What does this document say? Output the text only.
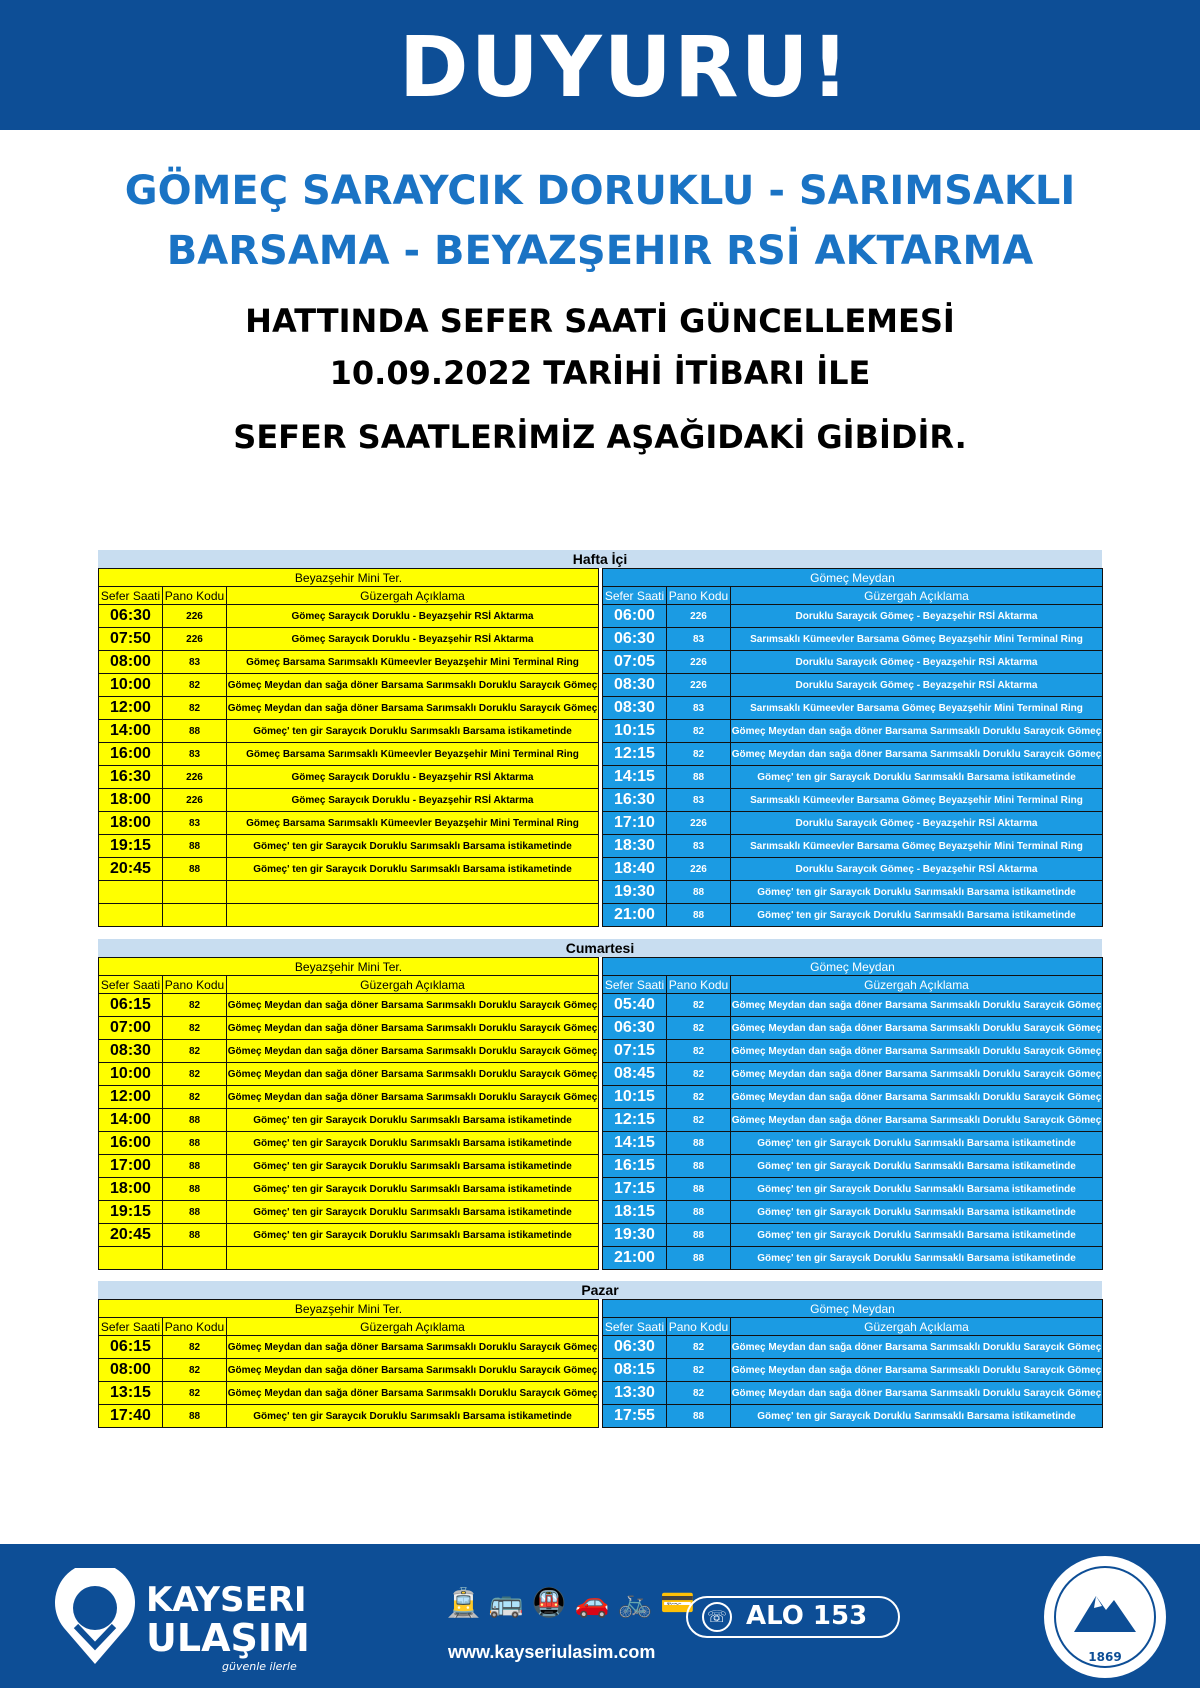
DUYURU!
GÖMEÇ SARAYCIK DORUKLU - SARIMSAKLI
BARSAMA - BEYAZŞEHIR RSİ AKTARMA
HATTINDA SEFER SAATİ GÜNCELLEMESİ
10.09.2022 TARİHİ İTİBARI İLE
SEFER SAATLERİMİZ AŞAĞIDAKİ GİBİDİR.
Hafta İçi
Beyazşehir Mini Ter.		
Sefer Saati	Pano Kodu	Güzergah Açıklama
06:30	226	Gömeç Saraycık Doruklu - Beyazşehir RSİ Aktarma
07:50	226	Gömeç Saraycık Doruklu - Beyazşehir RSİ Aktarma
08:00	83	Gömeç Barsama Sarımsaklı Kümeevler Beyazşehir Mini Terminal Ring
10:00	82	Gömeç Meydan dan sağa döner Barsama Sarımsaklı Doruklu Saraycık Gömeç
12:00	82	Gömeç Meydan dan sağa döner Barsama Sarımsaklı Doruklu Saraycık Gömeç
14:00	88	Gömeç' ten gir Saraycık Doruklu Sarımsaklı Barsama istikametinde
16:00	83	Gömeç Barsama Sarımsaklı Kümeevler Beyazşehir Mini Terminal Ring
16:30	226	Gömeç Saraycık Doruklu - Beyazşehir RSİ Aktarma
18:00	226	Gömeç Saraycık Doruklu - Beyazşehir RSİ Aktarma
18:00	83	Gömeç Barsama Sarımsaklı Kümeevler Beyazşehir Mini Terminal Ring
19:15	88	Gömeç' ten gir Saraycık Doruklu Sarımsaklı Barsama istikametinde
20:45	88	Gömeç' ten gir Saraycık Doruklu Sarımsaklı Barsama istikametinde

Gömeç Meydan		
Sefer Saati	Pano Kodu	Güzergah Açıklama
06:00	226	Doruklu Saraycık Gömeç - Beyazşehir RSİ Aktarma
06:30	83	Sarımsaklı Kümeevler Barsama Gömeç Beyazşehir Mini Terminal Ring
07:05	226	Doruklu Saraycık Gömeç - Beyazşehir RSİ Aktarma
08:30	226	Doruklu Saraycık Gömeç - Beyazşehir RSİ Aktarma
08:30	83	Sarımsaklı Kümeevler Barsama Gömeç Beyazşehir Mini Terminal Ring
10:15	82	Gömeç Meydan dan sağa döner Barsama Sarımsaklı Doruklu Saraycık Gömeç
12:15	82	Gömeç Meydan dan sağa döner Barsama Sarımsaklı Doruklu Saraycık Gömeç
14:15	88	Gömeç' ten gir Saraycık Doruklu Sarımsaklı Barsama istikametinde
16:30	83	Sarımsaklı Kümeevler Barsama Gömeç Beyazşehir Mini Terminal Ring
17:10	226	Doruklu Saraycık Gömeç - Beyazşehir RSİ Aktarma
18:30	83	Sarımsaklı Kümeevler Barsama Gömeç Beyazşehir Mini Terminal Ring
18:40	226	Doruklu Saraycık Gömeç - Beyazşehir RSİ Aktarma
19:30	88	Gömeç' ten gir Saraycık Doruklu Sarımsaklı Barsama istikametinde
21:00	88	Gömeç' ten gir Saraycık Doruklu Sarımsaklı Barsama istikametinde
Cumartesi
Beyazşehir Mini Ter.		
Sefer Saati	Pano Kodu	Güzergah Açıklama
06:15	82	Gömeç Meydan dan sağa döner Barsama Sarımsaklı Doruklu Saraycık Gömeç
07:00	82	Gömeç Meydan dan sağa döner Barsama Sarımsaklı Doruklu Saraycık Gömeç
08:30	82	Gömeç Meydan dan sağa döner Barsama Sarımsaklı Doruklu Saraycık Gömeç
10:00	82	Gömeç Meydan dan sağa döner Barsama Sarımsaklı Doruklu Saraycık Gömeç
12:00	82	Gömeç Meydan dan sağa döner Barsama Sarımsaklı Doruklu Saraycık Gömeç
14:00	88	Gömeç' ten gir Saraycık Doruklu Sarımsaklı Barsama istikametinde
16:00	88	Gömeç' ten gir Saraycık Doruklu Sarımsaklı Barsama istikametinde
17:00	88	Gömeç' ten gir Saraycık Doruklu Sarımsaklı Barsama istikametinde
18:00	88	Gömeç' ten gir Saraycık Doruklu Sarımsaklı Barsama istikametinde
19:15	88	Gömeç' ten gir Saraycık Doruklu Sarımsaklı Barsama istikametinde
20:45	88	Gömeç' ten gir Saraycık Doruklu Sarımsaklı Barsama istikametinde

Gömeç Meydan		
Sefer Saati	Pano Kodu	Güzergah Açıklama
05:40	82	Gömeç Meydan dan sağa döner Barsama Sarımsaklı Doruklu Saraycık Gömeç
06:30	82	Gömeç Meydan dan sağa döner Barsama Sarımsaklı Doruklu Saraycık Gömeç
07:15	82	Gömeç Meydan dan sağa döner Barsama Sarımsaklı Doruklu Saraycık Gömeç
08:45	82	Gömeç Meydan dan sağa döner Barsama Sarımsaklı Doruklu Saraycık Gömeç
10:15	82	Gömeç Meydan dan sağa döner Barsama Sarımsaklı Doruklu Saraycık Gömeç
12:15	82	Gömeç Meydan dan sağa döner Barsama Sarımsaklı Doruklu Saraycık Gömeç
14:15	88	Gömeç' ten gir Saraycık Doruklu Sarımsaklı Barsama istikametinde
16:15	88	Gömeç' ten gir Saraycık Doruklu Sarımsaklı Barsama istikametinde
17:15	88	Gömeç' ten gir Saraycık Doruklu Sarımsaklı Barsama istikametinde
18:15	88	Gömeç' ten gir Saraycık Doruklu Sarımsaklı Barsama istikametinde
19:30	88	Gömeç' ten gir Saraycık Doruklu Sarımsaklı Barsama istikametinde
21:00	88	Gömeç' ten gir Saraycık Doruklu Sarımsaklı Barsama istikametinde
Pazar
Beyazşehir Mini Ter.		
Sefer Saati	Pano Kodu	Güzergah Açıklama
06:15	82	Gömeç Meydan dan sağa döner Barsama Sarımsaklı Doruklu Saraycık Gömeç
08:00	82	Gömeç Meydan dan sağa döner Barsama Sarımsaklı Doruklu Saraycık Gömeç
13:15	82	Gömeç Meydan dan sağa döner Barsama Sarımsaklı Doruklu Saraycık Gömeç
17:40	88	Gömeç' ten gir Saraycık Doruklu Sarımsaklı Barsama istikametinde
Gömeç Meydan		
Sefer Saati	Pano Kodu	Güzergah Açıklama
06:30	82	Gömeç Meydan dan sağa döner Barsama Sarımsaklı Doruklu Saraycık Gömeç
08:15	82	Gömeç Meydan dan sağa döner Barsama Sarımsaklı Doruklu Saraycık Gömeç
13:30	82	Gömeç Meydan dan sağa döner Barsama Sarımsaklı Doruklu Saraycık Gömeç
17:55	88	Gömeç' ten gir Saraycık Doruklu Sarımsaklı Barsama istikametinde
KAYSERI
ULAŞIM
güvenle ilerle
🚊🚌🚇🚗🚲💳
www.kayseriulasim.com
☏ ALO 153
1869
